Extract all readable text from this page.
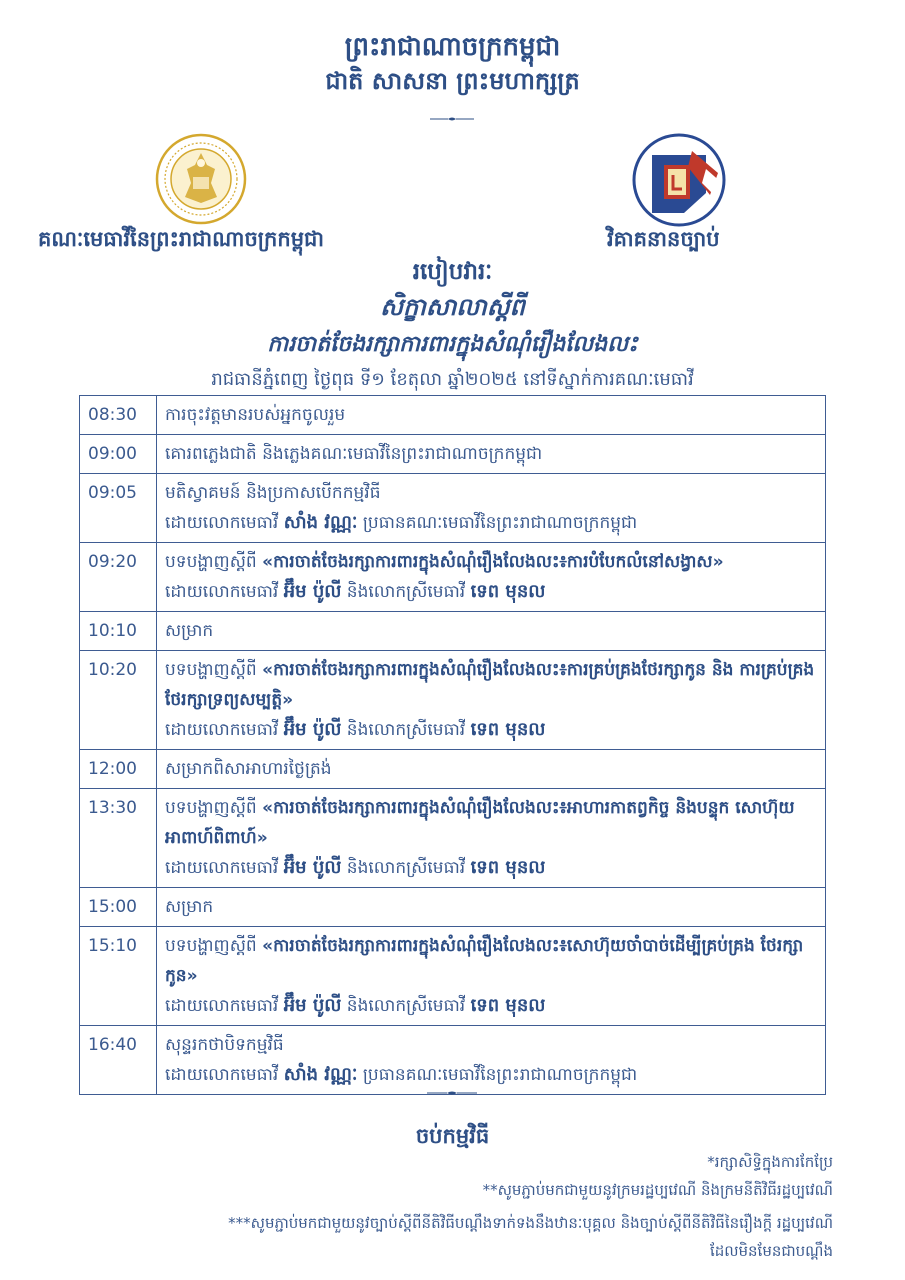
ព្រះរាជាណាចក្រកម្ពុជា
ជាតិ សាសនា ព្រះមហាក្សត្រ
គណៈមេធាវីនៃព្រះរាជាណាចក្រកម្ពុជា	វិគាគនានច្បាប់
របៀបវារៈ
សិក្ខាសាលាស្តីពី
ការចាត់ចែងរក្សាការពារក្នុងសំណុំរឿងលែងលះ
រាជធានីភ្នំពេញ ថ្ងៃពុធ ទី១ ខែតុលា ឆ្នាំ២០២៥ នៅទីស្នាក់ការគណៈមេធាវី
08:30	ការចុះវត្តមានរបស់អ្នកចូលរួម

09:00	គោរពភ្លេងជាតិ និងភ្លេងគណៈមេធាវីនៃព្រះរាជាណាចក្រកម្ពុជា

09:05	មតិស្វាគមន៍ និងប្រកាសបើកកម្មវិធី
ដោយលោកមេធាវី សាំង វណ្ណៈ ប្រធានគណៈមេធាវីនៃព្រះរាជាណាចក្រកម្ពុជា

09:20	បទបង្ហាញស្តីពី «ការចាត់ចែងរក្សាការពារក្នុងសំណុំរឿងលែងលះ៖ការបំបែកលំនៅសង្វាស»
ដោយលោកមេធាវី អ៊ឹម ប៉ូលី និងលោកស្រីមេធាវី ទេព មុនល

10:10	សម្រាក

10:20	បទបង្ហាញស្តីពី «ការចាត់ចែងរក្សាការពារក្នុងសំណុំរឿងលែងលះ៖ការគ្រប់គ្រងថែរក្សាកូន និង ការគ្រប់គ្រងថែរក្សាទ្រព្យសម្បត្តិ»
ដោយលោកមេធាវី អ៊ឹម ប៉ូលី និងលោកស្រីមេធាវី ទេព មុនល

12:00	សម្រាកពិសាអាហារថ្ងៃត្រង់

13:30	បទបង្ហាញស្តីពី «ការចាត់ចែងរក្សាការពារក្នុងសំណុំរឿងលែងលះ៖អាហារកាតព្វកិច្ច និងបន្ទុក សោហ៊ុយអាពាហ៍ពិពាហ៍»
ដោយលោកមេធាវី អ៊ឹម ប៉ូលី និងលោកស្រីមេធាវី ទេព មុនល

15:00	សម្រាក

15:10	បទបង្ហាញស្តីពី «ការចាត់ចែងរក្សាការពារក្នុងសំណុំរឿងលែងលះ៖សោហ៊ុយចាំបាច់ដើម្បីគ្រប់គ្រង ថែរក្សាកូន»
ដោយលោកមេធាវី អ៊ឹម ប៉ូលី និងលោកស្រីមេធាវី ទេព មុនល

16:40	សុន្ទរកថាបិទកម្មវិធី
ដោយលោកមេធាវី សាំង វណ្ណៈ ប្រធានគណៈមេធាវីនៃព្រះរាជាណាចក្រកម្ពុជា
ចប់កម្មវិធី
*រក្សាសិទ្ធិក្នុងការកែប្រែ
**សូមភ្ជាប់មកជាមួយនូវក្រមរដ្ឋប្បវេណី និងក្រមនីតិវិធីរដ្ឋប្បវេណី
***សូមភ្ជាប់មកជាមួយនូវច្បាប់ស្តីពីនីតិវិធីបណ្តឹងទាក់ទងនឹងឋានៈបុគ្គល និងច្បាប់ស្តីពីនីតិវិធីនៃរឿងក្តី រដ្ឋប្បវេណីដែលមិនមែនជាបណ្តឹង
